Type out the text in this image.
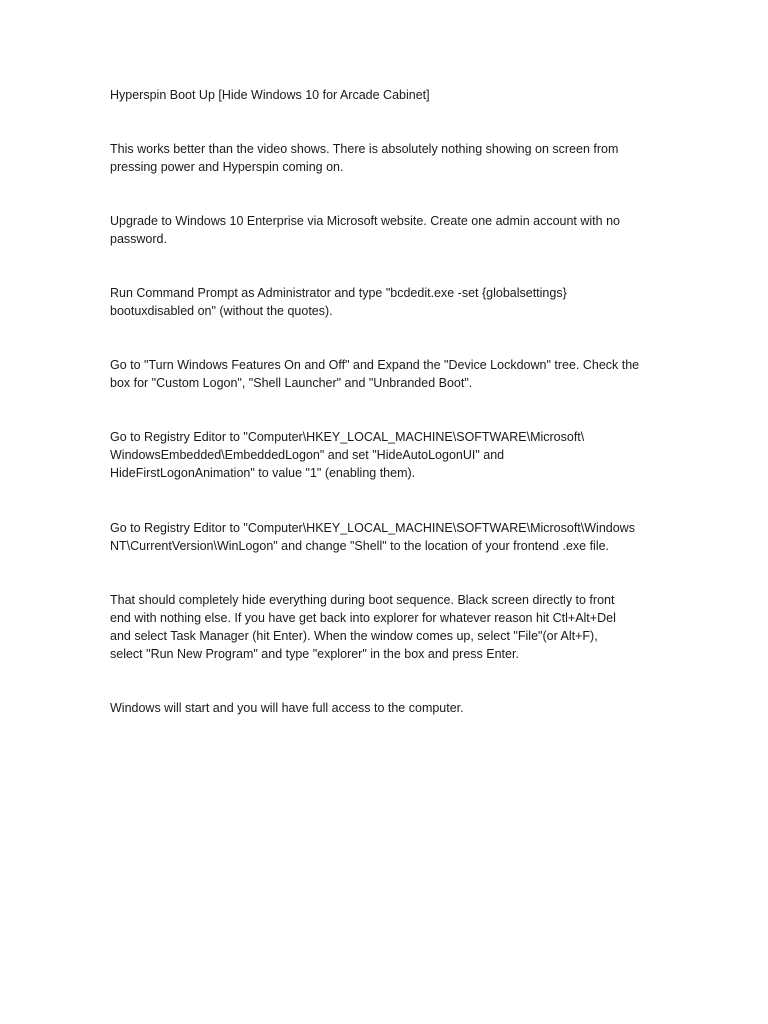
Hyperspin Boot Up [Hide Windows 10 for Arcade Cabinet]

This works better than the video shows. There is absolutely nothing showing on screen from
pressing power and Hyperspin coming on.

Upgrade to Windows 10 Enterprise via Microsoft website. Create one admin account with no
password.

Run Command Prompt as Administrator and type "bcdedit.exe -set {globalsettings}
bootuxdisabled on" (without the quotes).

Go to "Turn Windows Features On and Off" and Expand the "Device Lockdown" tree. Check the
box for "Custom Logon", "Shell Launcher" and "Unbranded Boot".

Go to Registry Editor to "Computer\HKEY_LOCAL_MACHINE\SOFTWARE\Microsoft\
WindowsEmbedded\EmbeddedLogon" and set "HideAutoLogonUI" and
HideFirstLogonAnimation" to value "1" (enabling them).

Go to Registry Editor to "Computer\HKEY_LOCAL_MACHINE\SOFTWARE\Microsoft\Windows
NT\CurrentVersion\WinLogon" and change "Shell" to the location of your frontend .exe file.

That should completely hide everything during boot sequence. Black screen directly to front
end with nothing else. If you have get back into explorer for whatever reason hit Ctl+Alt+Del
and select Task Manager (hit Enter). When the window comes up, select "File"(or Alt+F),
select "Run New Program" and type "explorer" in the box and press Enter.

Windows will start and you will have full access to the computer.
